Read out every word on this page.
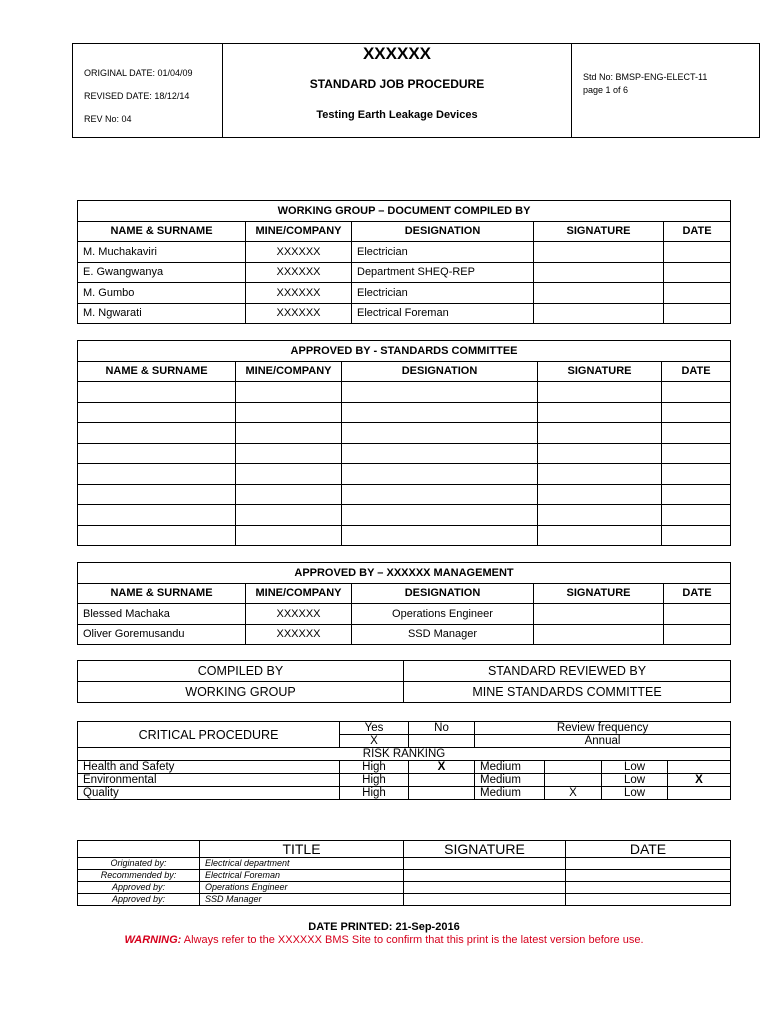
ORIGINAL DATE: 01/04/09
REVISED DATE: 18/12/14
REV No: 04

XXXXXX
STANDARD JOB PROCEDURE
Testing Earth Leakage Devices

Std No: BMSP-ENG-ELECT-11
page 1 of 6
WORKING GROUP – DOCUMENT COMPILED BY				
NAME & SURNAME	MINE/COMPANY	DESIGNATION	SIGNATURE	DATE
M. Muchakaviri	XXXXXX	Electrician		
E. Gwangwanya	XXXXXX	Department SHEQ-REP		
M. Gumbo	XXXXXX	Electrician		
M. Ngwarati	XXXXXX	Electrical Foreman		
APPROVED BY - STANDARDS COMMITTEE				
NAME & SURNAME	MINE/COMPANY	DESIGNATION	SIGNATURE	DATE

APPROVED BY – XXXXXX MANAGEMENT				
NAME & SURNAME	MINE/COMPANY	DESIGNATION	SIGNATURE	DATE
Blessed Machaka	XXXXXX	Operations Engineer		
Oliver Goremusandu	XXXXXX	SSD Manager		
COMPILED BY	STANDARD REVIEWED BY
WORKING GROUP	MINE STANDARDS COMMITTEE
CRITICAL PROCEDURE	Yes	No	Review frequency			
	X		Annual			
RISK RANKING						
Health and Safety	High	X	Medium		Low	
Environmental	High		Medium		Low	X
Quality	High		Medium	X	Low	
	TITLE	SIGNATURE	DATE
Originated by:	Electrical department		
Recommended by:	Electrical Foreman		
Approved by:	Operations Engineer		
Approved by:	SSD Manager		
DATE PRINTED: 21-Sep-2016
WARNING: Always refer to the XXXXXX BMS Site to confirm that this print is the latest version before use.
